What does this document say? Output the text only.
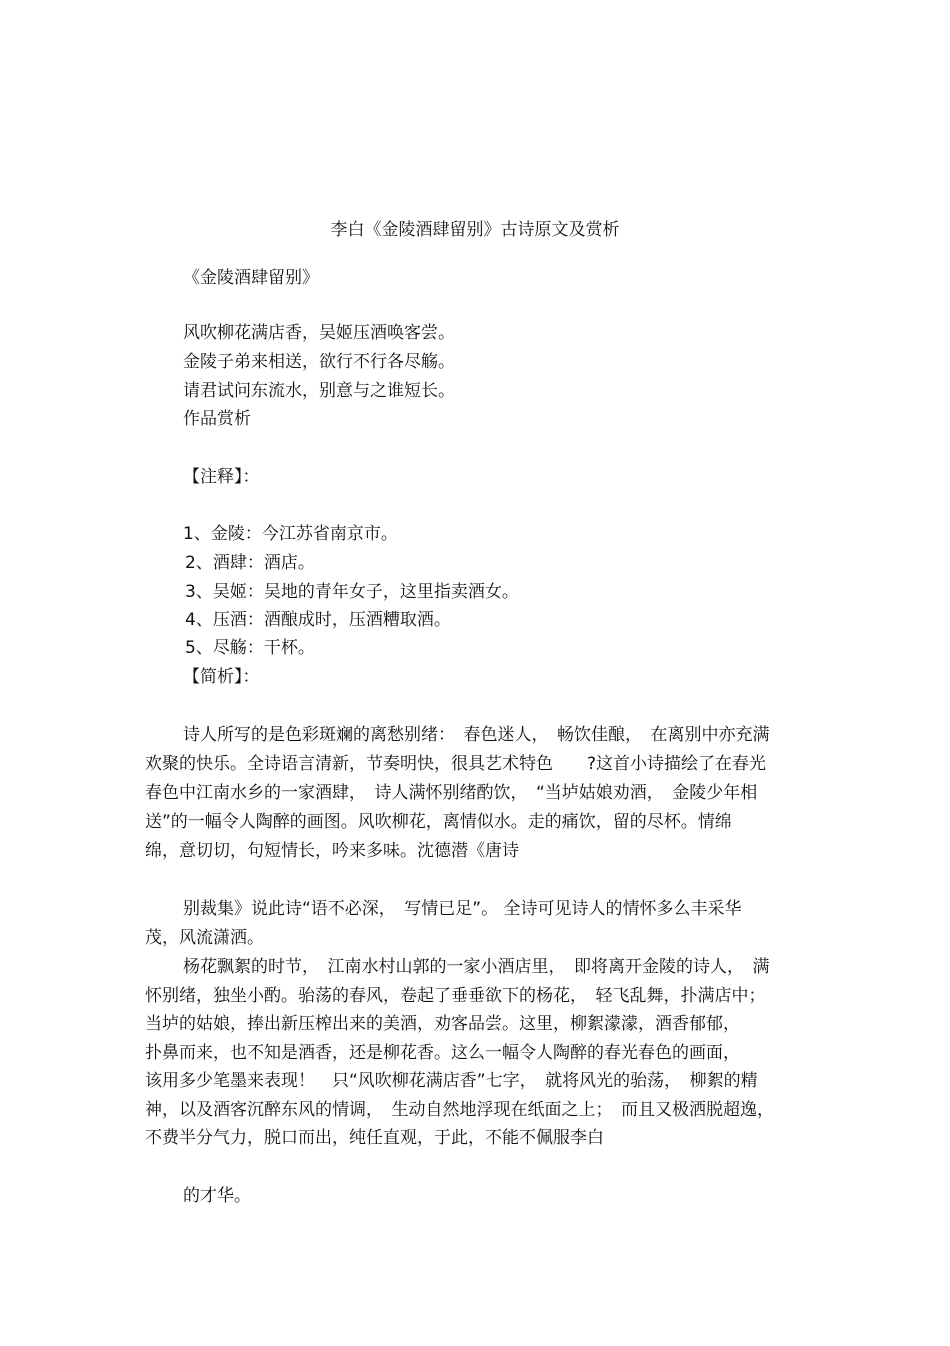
李白《金陵酒肆留别》古诗原文及赏析

《金陵酒肆留别》

风吹柳花满店香，吴姬压酒唤客尝。

金陵子弟来相送，欲行不行各尽觞。

请君试问东流水，别意与之谁短长。

作品赏析

【注释】：

1、金陵：今江苏省南京市。

2、酒肆：酒店。

3、吴姬：吴地的青年女子，这里指卖酒女。

4、压酒：酒酿成时，压酒糟取酒。

5、尽觞：干杯。

【简析】：

诗人所写的是色彩斑斓的离愁别绪：　春色迷人，　畅饮佳酿，　在离别中亦充满

欢聚的快乐。全诗语言清新，节奏明快，很具艺术特色　　?这首小诗描绘了在春光

春色中江南水乡的一家酒肆，　诗人满怀别绪酌饮，　“当垆姑娘劝酒，　金陵少年相

送”的一幅令人陶醉的画图。风吹柳花，离情似水。走的痛饮，留的尽杯。情绵

绵，意切切，句短情长，吟来多味。沈德潜《唐诗

别裁集》说此诗“语不必深，　写情已足”。 全诗可见诗人的情怀多么丰采华

茂，风流潇洒。

杨花飘絮的时节，　江南水村山郭的一家小酒店里，　即将离开金陵的诗人，　满

怀别绪，独坐小酌。骀荡的春风，卷起了垂垂欲下的杨花，　轻飞乱舞，扑满店中；

当垆的姑娘，捧出新压榨出来的美酒，劝客品尝。这里，柳絮濛濛，酒香郁郁，

扑鼻而来，也不知是酒香，还是柳花香。这么一幅令人陶醉的春光春色的画面，

该用多少笔墨来表现！　只“风吹柳花满店香”七字，　就将风光的骀荡，　柳絮的精

神，以及酒客沉醉东风的情调，　生动自然地浮现在纸面之上；　而且又极洒脱超逸，

不费半分气力，脱口而出，纯任直观，于此，不能不佩服李白

的才华。
